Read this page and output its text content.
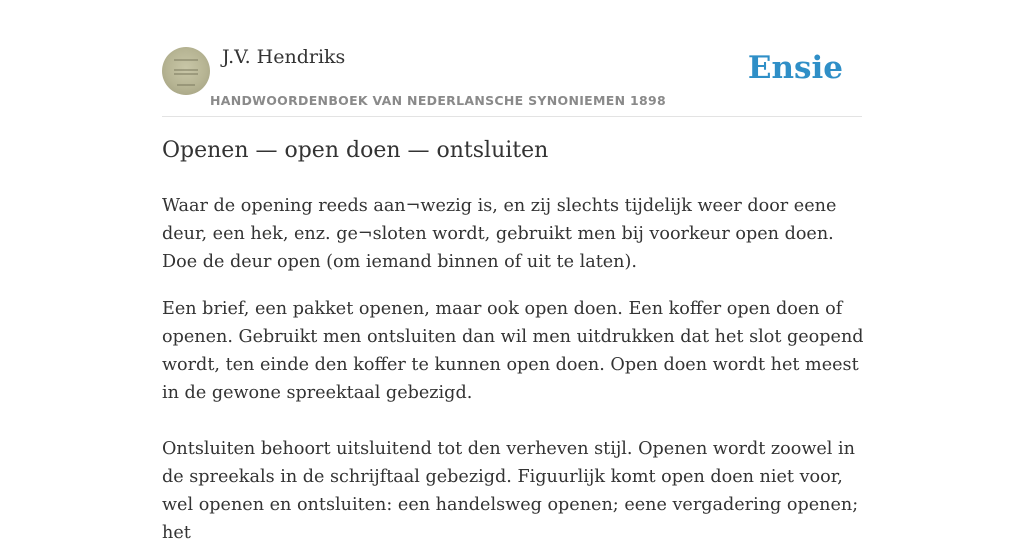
J.V. Hendriks
HANDWOORDENBOEK VAN NEDERLANSCHE SYNONIEMEN 1898
Ensie
Openen — open doen — ontsluiten

Waar de opening reeds aan¬wezig is, en zij slechts tijdelijk weer door eene deur, een hek, enz. ge¬sloten wordt, gebruikt men bij voorkeur open doen. Doe de deur open (om iemand binnen of uit te laten).

Een brief, een pakket openen, maar ook open doen. Een koffer open doen of openen. Gebruikt men ontsluiten dan wil men uitdrukken dat het slot geopend wordt, ten einde den koffer te kunnen open doen. Open doen wordt het meest in de gewone spreektaal gebezigd.

Ontsluiten behoort uitsluitend tot den verheven stijl. Openen wordt zoowel in de spreekals in de schrijftaal gebezigd. Figuurlijk komt open doen niet voor, wel openen en ontsluiten: een handelsweg openen; eene vergadering openen; het
